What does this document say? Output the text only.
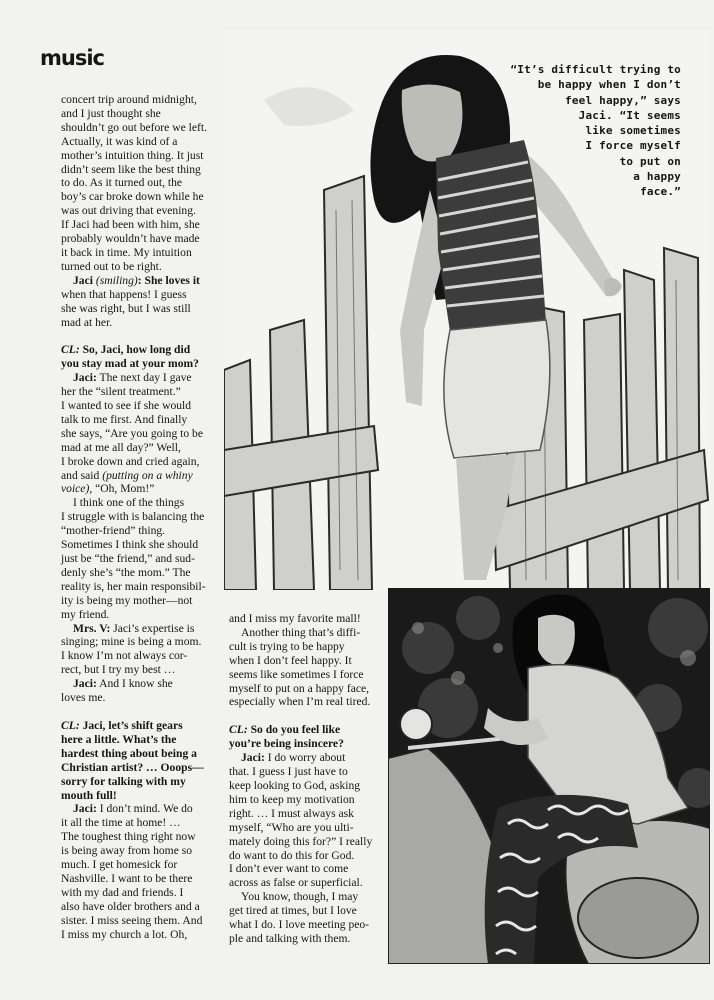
music	“It’s difficult trying to
be happy when I don’t
feel happy,” says
Jaci. “It seems
like sometimes
I force myself
to put on
a happy
face.”

concert trip around midnight,
and I just thought she
shouldn’t go out before we left.
Actually, it was kind of a
mother’s intuition thing. It just
didn’t seem like the best thing
to do. As it turned out, the
boy’s car broke down while he
was out driving that evening.
If Jaci had been with him, she
probably wouldn’t have made
it back in time. My intuition
turned out to be right.

Jaci (smiling): She loves it
when that happens! I guess
she was right, but I was still
mad at her.

CL: So, Jaci, how long did
you stay mad at your mom?

Jaci: The next day I gave
her the “silent treatment.”
I wanted to see if she would
talk to me first. And finally
she says, “Are you going to be
mad at me all day?” Well,
I broke down and cried again,
and said (putting on a whiny
voice), “Oh, Mom!”

I think one of the things
I struggle with is balancing the
“mother-friend” thing.
Sometimes I think she should
just be “the friend,” and sud-
denly she’s “the mom.” The
reality is, her main responsibil-
ity is being my mother—not
my friend.

Mrs. V: Jaci’s expertise is
singing; mine is being a mom.
I know I’m not always cor-
rect, but I try my best …

Jaci: And I know she
loves me.

CL: Jaci, let’s shift gears
here a little. What’s the
hardest thing about being a
Christian artist? … Ooops—
sorry for talking with my
mouth full!

Jaci: I don’t mind. We do
it all the time at home! …
The toughest thing right now
is being away from home so
much. I get homesick for
Nashville. I want to be there
with my dad and friends. I
also have older brothers and a
sister. I miss seeing them. And
I miss my church a lot. Oh,

and I miss my favorite mall!

Another thing that’s diffi-
cult is trying to be happy
when I don’t feel happy. It
seems like sometimes I force
myself to put on a happy face,
especially when I’m real tired.

CL: So do you feel like
you’re being insincere?

Jaci: I do worry about
that. I guess I just have to
keep looking to God, asking
him to keep my motivation
right. … I must always ask
myself, “Who are you ulti-
mately doing this for?” I really
do want to do this for God.
I don’t ever want to come
across as false or superficial.

You know, though, I may
get tired at times, but I love
what I do. I love meeting peo-
ple and talking with them.
